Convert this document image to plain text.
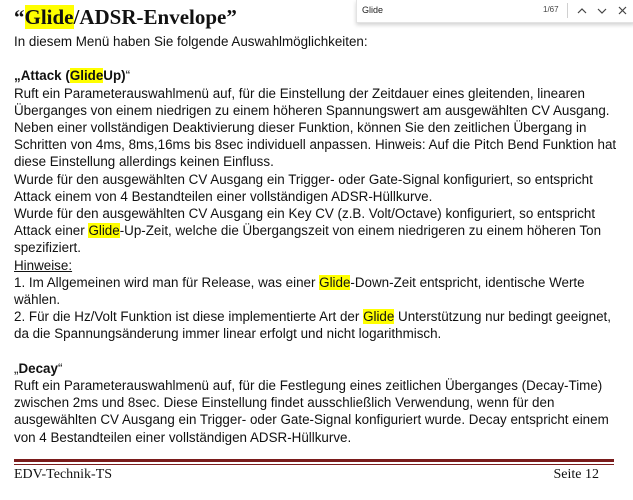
“Glide/ADSR-Envelope”

In diesem Menü haben Sie folgende Auswahlmöglichkeiten:

„Attack (GlideUp)“

Ruft ein Parameterauswahlmenü auf, für die Einstellung der Zeitdauer eines gleitenden, linearen

Überganges von einem niedrigen zu einem höheren Spannungswert am ausgewählten CV Ausgang.

Neben einer vollständigen Deaktivierung dieser Funktion, können Sie den zeitlichen Übergang in

Schritten von 4ms, 8ms,16ms bis 8sec individuell anpassen. Hinweis: Auf die Pitch Bend Funktion hat

diese Einstellung allerdings keinen Einfluss.

Wurde für den ausgewählten CV Ausgang ein Trigger- oder Gate-Signal konfiguriert, so entspricht

Attack einem von 4 Bestandteilen einer vollständigen ADSR-Hüllkurve.

Wurde für den ausgewählten CV Ausgang ein Key CV (z.B. Volt/Octave) konfiguriert, so entspricht

Attack einer Glide-Up-Zeit, welche die Übergangszeit von einem niedrigeren zu einem höheren Ton

spezifiziert.

Hinweise:

1. Im Allgemeinen wird man für Release, was einer Glide-Down-Zeit entspricht, identische Werte

wählen.

2. Für die Hz/Volt Funktion ist diese implementierte Art der Glide Unterstützung nur bedingt geeignet,

da die Spannungsänderung immer linear erfolgt und nicht logarithmisch.

„Decay“

Ruft ein Parameterauswahlmenü auf, für die Festlegung eines zeitlichen Überganges (Decay-Time)

zwischen 2ms und 8sec. Diese Einstellung findet ausschließlich Verwendung, wenn für den

ausgewählten CV Ausgang ein Trigger- oder Gate-Signal konfiguriert wurde. Decay entspricht einem

von 4 Bestandteilen einer vollständigen ADSR-Hüllkurve.

Glide
1/67
EDV-Technik-TS	Seite 12
